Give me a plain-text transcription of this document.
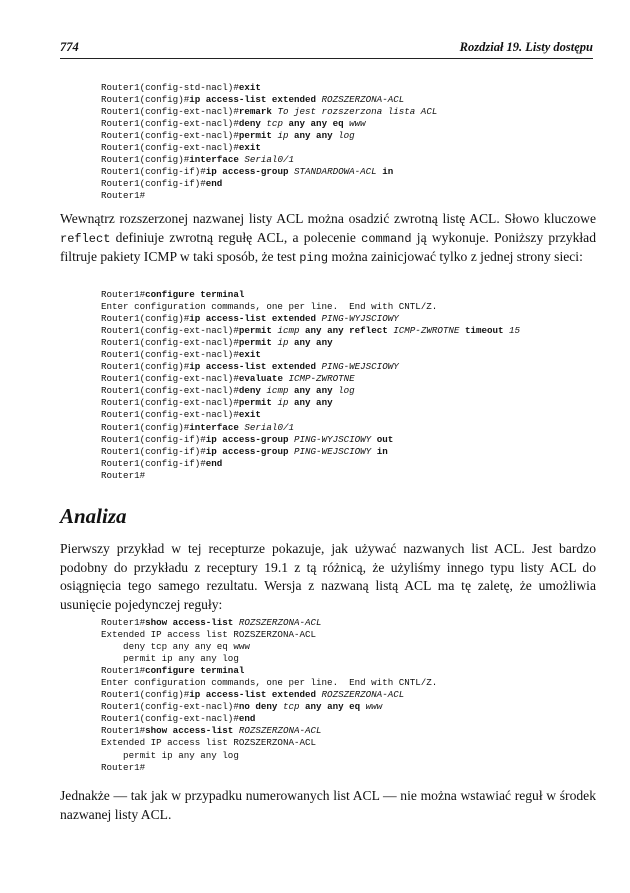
774	Rozdział 19. Listy dostępu
Router1(config-std-nacl)#exit
Router1(config)#ip access-list extended ROZSZERZONA-ACL
Router1(config-ext-nacl)#remark To jest rozszerzona lista ACL
Router1(config-ext-nacl)#deny tcp any any eq www
Router1(config-ext-nacl)#permit ip any any log
Router1(config-ext-nacl)#exit
Router1(config)#interface Serial0/1
Router1(config-if)#ip access-group STANDARDOWA-ACL in
Router1(config-if)#end
Router1#

Wewnątrz rozszerzonej nazwanej listy ACL można osadzić zwrotną listę ACL. Słowo kluczowe reflect definiuje zwrotną regułę ACL, a polecenie command ją wykonuje. Poniższy przykład filtruje pakiety ICMP w taki sposób, że test ping można zainicjować tylko z jednej strony sieci:

Router1#configure terminal
Enter configuration commands, one per line.  End with CNTL/Z.
Router1(config)#ip access-list extended PING-WYJSCIOWY
Router1(config-ext-nacl)#permit icmp any any reflect ICMP-ZWROTNE timeout 15
Router1(config-ext-nacl)#permit ip any any
Router1(config-ext-nacl)#exit
Router1(config)#ip access-list extended PING-WEJSCIOWY
Router1(config-ext-nacl)#evaluate ICMP-ZWROTNE
Router1(config-ext-nacl)#deny icmp any any log
Router1(config-ext-nacl)#permit ip any any
Router1(config-ext-nacl)#exit
Router1(config)#interface Serial0/1
Router1(config-if)#ip access-group PING-WYJSCIOWY out
Router1(config-if)#ip access-group PING-WEJSCIOWY in
Router1(config-if)#end
Router1#
Analiza

Pierwszy przykład w tej recepturze pokazuje, jak używać nazwanych list ACL. Jest bardzo podobny do przykładu z receptury 19.1 z tą różnicą, że użyliśmy innego typu listy ACL do osiągnięcia tego samego rezultatu. Wersja z nazwaną listą ACL ma tę zaletę, że umożliwia usunięcie pojedynczej reguły:

Router1#show access-list ROZSZERZONA-ACL
Extended IP access list ROZSZERZONA-ACL
deny tcp any any eq www
permit ip any any log
Router1#configure terminal
Enter configuration commands, one per line.  End with CNTL/Z.
Router1(config)#ip access-list extended ROZSZERZONA-ACL
Router1(config-ext-nacl)#no deny tcp any any eq www
Router1(config-ext-nacl)#end
Router1#show access-list ROZSZERZONA-ACL
Extended IP access list ROZSZERZONA-ACL
permit ip any any log
Router1#

Jednakże — tak jak w przypadku numerowanych list ACL — nie można wstawiać reguł w środek nazwanej listy ACL.
